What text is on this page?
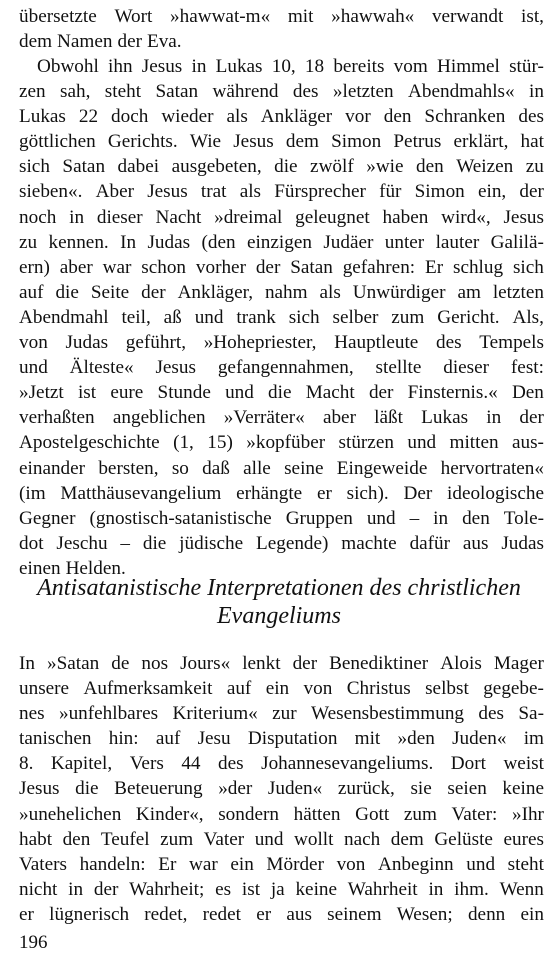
übersetzte Wort »hawwat-m« mit »hawwah« verwandt ist,
dem Namen der Eva.
Obwohl ihn Jesus in Lukas 10, 18 bereits vom Himmel stür-
zen sah, steht Satan während des »letzten Abendmahls« in
Lukas 22 doch wieder als Ankläger vor den Schranken des
göttlichen Gerichts. Wie Jesus dem Simon Petrus erklärt, hat
sich Satan dabei ausgebeten, die zwölf »wie den Weizen zu
sieben«. Aber Jesus trat als Fürsprecher für Simon ein, der
noch in dieser Nacht »dreimal geleugnet haben wird«, Jesus
zu kennen. In Judas (den einzigen Judäer unter lauter Galilä-
ern) aber war schon vorher der Satan gefahren: Er schlug sich
auf die Seite der Ankläger, nahm als Unwürdiger am letzten
Abendmahl teil, aß und trank sich selber zum Gericht. Als,
von Judas geführt, »Hohepriester, Hauptleute des Tempels
und Älteste« Jesus gefangennahmen, stellte dieser fest:
»Jetzt ist eure Stunde und die Macht der Finsternis.« Den
verhaßten angeblichen »Verräter« aber läßt Lukas in der
Apostelgeschichte (1, 15) »kopfüber stürzen und mitten aus-
einander bersten, so daß alle seine Eingeweide hervortraten«
(im Matthäusevangelium erhängte er sich). Der ideologische
Gegner (gnostisch-satanistische Gruppen und – in den Tole-
dot Jeschu – die jüdische Legende) machte dafür aus Judas
einen Helden.
Antisatanistische Interpretationen des christlichen
Evangeliums
In »Satan de nos Jours« lenkt der Benediktiner Alois Mager
unsere Aufmerksamkeit auf ein von Christus selbst gegebe-
nes »unfehlbares Kriterium« zur Wesensbestimmung des Sa-
tanischen hin: auf Jesu Disputation mit »den Juden« im
8. Kapitel, Vers 44 des Johannesevangeliums. Dort weist
Jesus die Beteuerung »der Juden« zurück, sie seien keine
»unehelichen Kinder«, sondern hätten Gott zum Vater: »Ihr
habt den Teufel zum Vater und wollt nach dem Gelüste eures
Vaters handeln: Er war ein Mörder von Anbeginn und steht
nicht in der Wahrheit; es ist ja keine Wahrheit in ihm. Wenn
er lügnerisch redet, redet er aus seinem Wesen; denn ein
196
